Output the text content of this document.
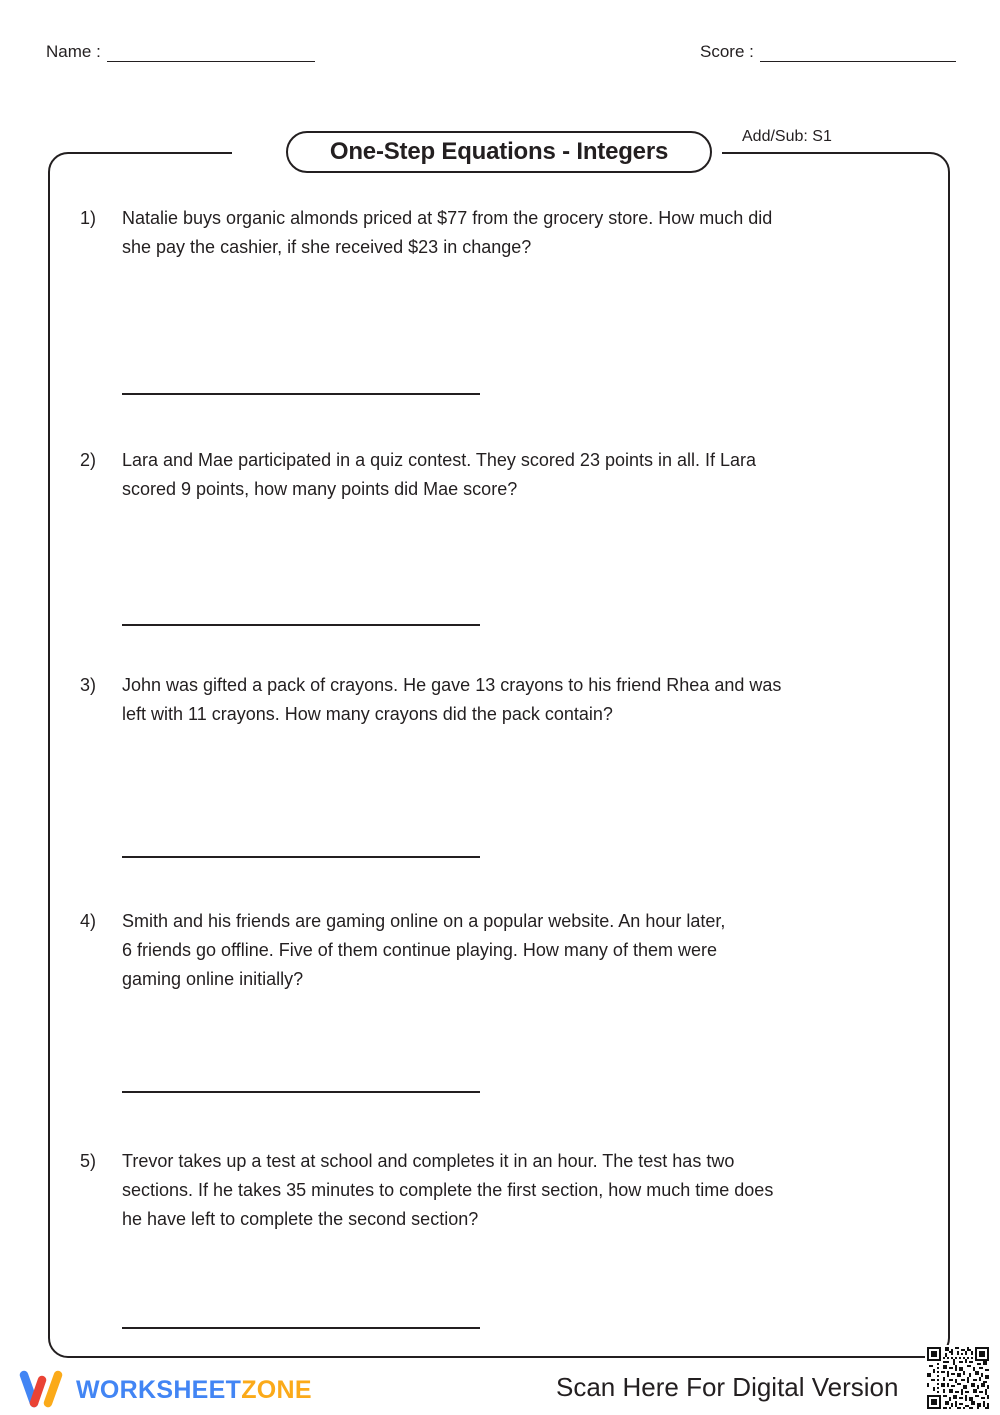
Name :	Score :
One-Step Equations - Integers
Add/Sub: S1
1) Natalie buys organic almonds priced at $77 from the grocery store. How much did
she pay the cashier, if she received $23 in change?
2) Lara and Mae participated in a quiz contest. They scored 23 points in all. If Lara
scored 9 points, how many points did Mae score?
3) John was gifted a pack of crayons. He gave 13 crayons to his friend Rhea and was
left with 11 crayons. How many crayons did the pack contain?
4) Smith and his friends are gaming online on a popular website. An hour later,
6 friends go offline. Five of them continue playing. How many of them were
gaming online initially?
5) Trevor takes up a test at school and completes it in an hour. The test has two
sections. If he takes 35 minutes to complete the first section, how much time does
he have left to complete the second section?
WORKSHEETZONE	Scan Here For Digital Version
